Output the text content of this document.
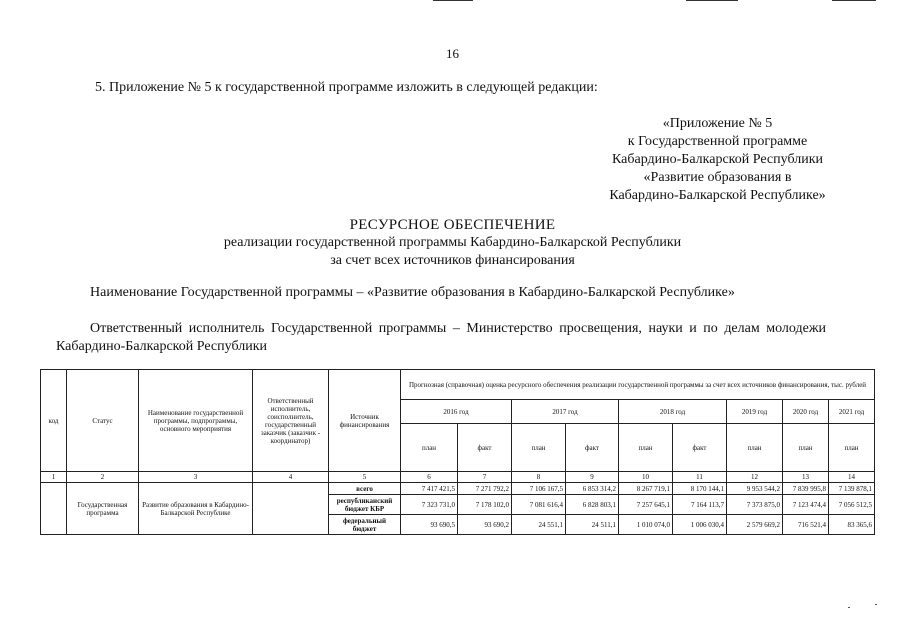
16
5. Приложение № 5 к государственной программе изложить в следующей редакции:
«Приложение № 5
к Государственной программе
Кабардино-Балкарской Республики
«Развитие образования в
Кабардино-Балкарской Республике»
РЕСУРСНОЕ ОБЕСПЕЧЕНИЕ
реализации государственной программы Кабардино-Балкарской Республики
за счет всех источников финансирования
Наименование Государственной программы – «Развитие образования в Кабардино-Балкарской Республике»
Ответственный исполнитель Государственной программы – Министерство просвещения, науки и по делам молодежи Кабардино-Балкарской Республики
код	Статус	Наименование государственной программы, подпрограммы, основного мероприятия	Ответственный исполнитель, соисполнитель, государственный заказчик (заказчик - координатор)	Источник финансирования	Прогнозная (справочная) оценка ресурсного обеспечения реализации государственной программы за счет всех источников финансирования, тыс. рублей								
					2016 год		2017 год		2018 год		2019 год	2020 год	2021 год
					план	факт	план	факт	план	факт	план	план	план
1	2	3	4	5	6	7	8	9	10	11	12	13	14
	Государственная программа	Развитие образования в Кабардино-Балкарской Республике		всего	7 417 421,5	7 271 792,2	7 106 167,5	6 853 314,2	8 267 719,1	8 170 144,1	9 953 544,2	7 839 995,8	7 139 878,1
				республиканский бюджет КБР	7 323 731,0	7 178 102,0	7 081 616,4	6 828 803,1	7 257 645,1	7 164 113,7	7 373 875,0	7 123 474,4	7 056 512,5
				федеральный бюджет	93 690,5	93 690,2	24 551,1	24 511,1	1 010 074,0	1 006 030,4	2 579 669,2	716 521,4	83 365,6
